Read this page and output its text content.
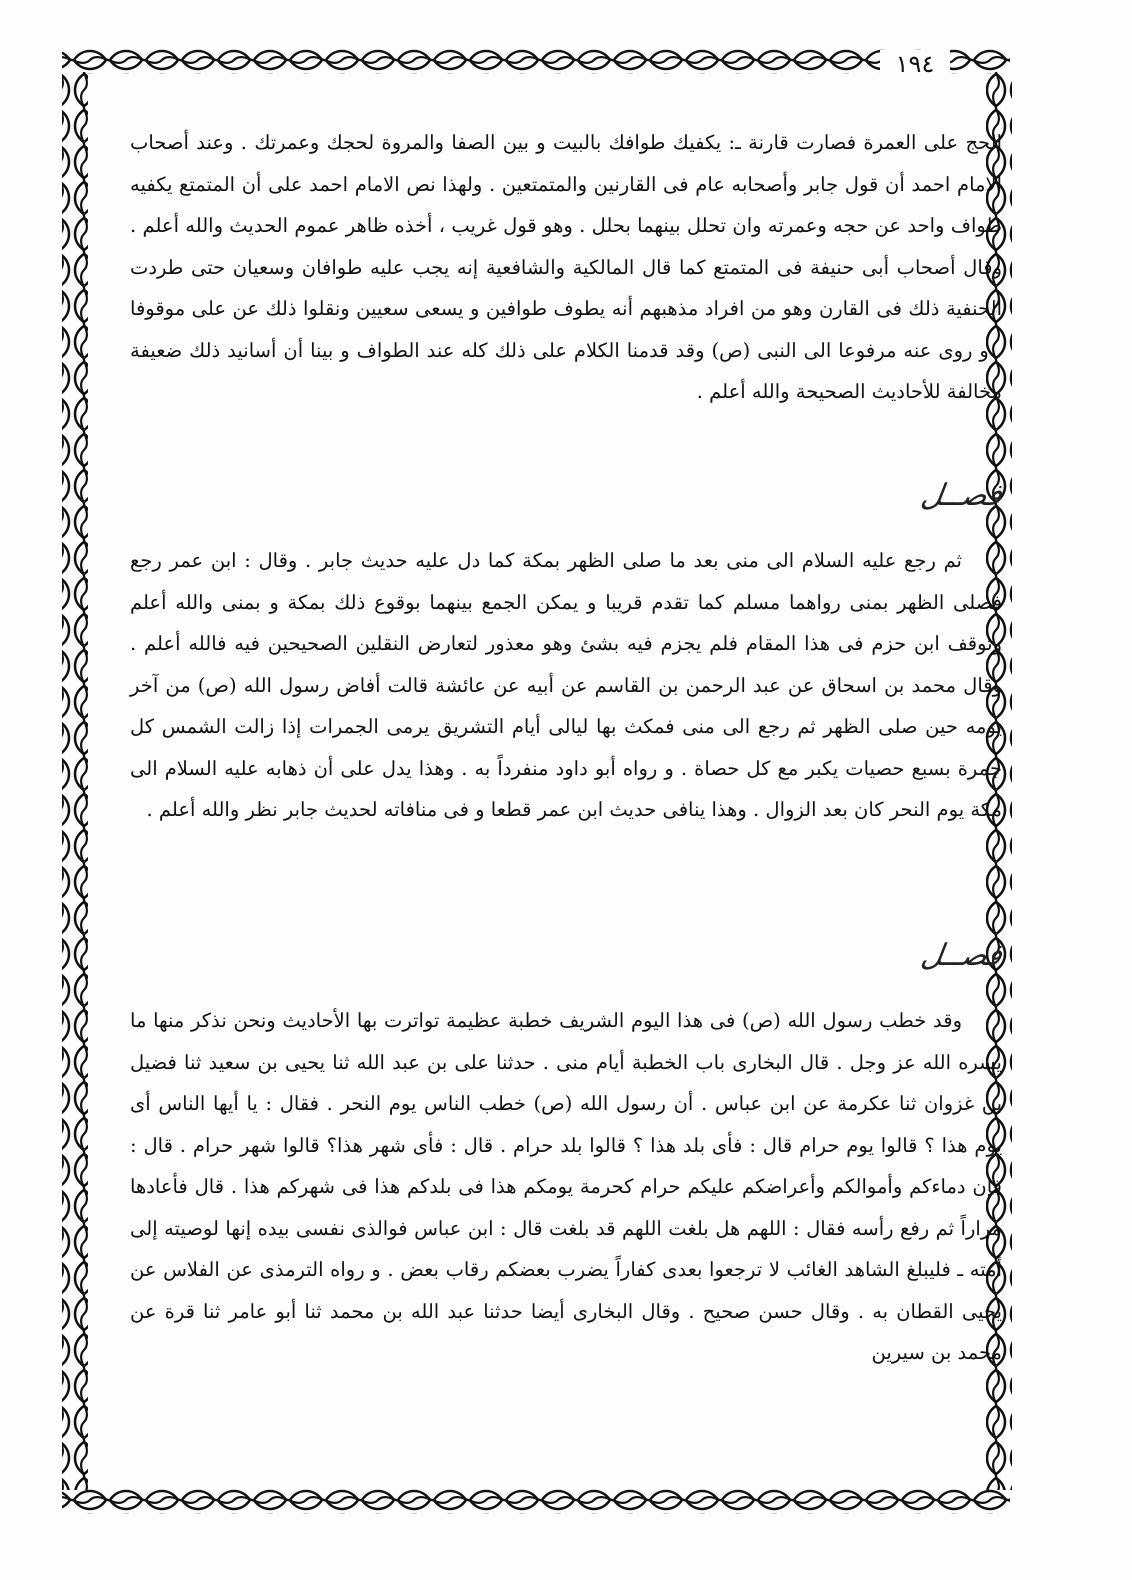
١٩٤

الحج على العمرة فصارت قارنة ـ: يكفيك طوافك بالبيت و بين الصفا والمروة لحجك وعمرتك . وعند أصحاب الامام احمد أن قول جابر وأصحابه عام فى القارنين والمتمتعين . ولهذا نص الامام احمد على أن المتمتع يكفيه طواف واحد عن حجه وعمرته وان تحلل بينهما بحلل . وهو قول غريب ، أخذه ظاهر عموم الحديث والله أعلم . وقال أصحاب أبى حنيفة فى المتمتع كما قال المالكية والشافعية إنه يجب عليه طوافان وسعيان حتى طردت الحنفية ذلك فى القارن وهو من افراد مذهبهم أنه يطوف طوافين و يسعى سعيين ونقلوا ذلك عن على موقوفا . و روى عنه مرفوعا الى النبى (ص) وقد قدمنا الكلام على ذلك كله عند الطواف و بينا أن أسانيد ذلك ضعيفة مخالفة للأحاديث الصحيحة والله أعلم .

فصــل

ثم رجع عليه السلام الى منى بعد ما صلى الظهر بمكة كما دل عليه حديث جابر . وقال : ابن عمر رجع فصلى الظهر بمنى رواهما مسلم كما تقدم قريبا و يمكن الجمع بينهما بوقوع ذلك بمكة و بمنى والله أعلم وتوقف ابن حزم فى هذا المقام فلم يجزم فيه بشئ وهو معذور لتعارض النقلين الصحيحين فيه فالله أعلم . وقال محمد بن اسحاق عن عبد الرحمن بن القاسم عن أبيه عن عائشة قالت أفاض رسول الله (ص) من آخر يومه حين صلى الظهر ثم رجع الى منى فمكث بها ليالى أيام التشريق يرمى الجمرات إذا زالت الشمس كل جمرة بسبع حصيات يكبر مع كل حصاة . و رواه أبو داود منفرداً به . وهذا يدل على أن ذهابه عليه السلام الى مكة يوم النحر كان بعد الزوال . وهذا ينافى حديث ابن عمر قطعا و فى منافاته لحديث جابر نظر والله أعلم .

فصــل

وقد خطب رسول الله (ص) فى هذا اليوم الشريف خطبة عظيمة تواترت بها الأحاديث ونحن نذكر منها ما يسره الله عز وجل . قال البخارى باب الخطبة أيام منى . حدثنا على بن عبد الله ثنا يحيى بن سعيد ثنا فضيل بن غزوان ثنا عكرمة عن ابن عباس . أن رسول الله (ص) خطب الناس يوم النحر . فقال : يا أيها الناس أى يوم هذا ؟ قالوا يوم حرام قال : فأى بلد هذا ؟ قالوا بلد حرام . قال : فأى شهر هذا؟ قالوا شهر حرام . قال : فإن دماءكم وأموالكم وأعراضكم عليكم حرام كحرمة يومكم هذا فى بلدكم هذا فى شهركم هذا . قال فأعادها مراراً ثم رفع رأسه فقال : اللهم هل بلغت اللهم قد بلغت قال : ابن عباس فوالذى نفسى بيده إنها لوصيته إلى أمته ـ فليبلغ الشاهد الغائب لا ترجعوا بعدى كفاراً يضرب بعضكم رقاب بعض . و رواه الترمذى عن الفلاس عن يحيى القطان به . وقال حسن صحيح . وقال البخارى أيضا حدثنا عبد الله بن محمد ثنا أبو عامر ثنا قرة عن محمد بن سيرين
